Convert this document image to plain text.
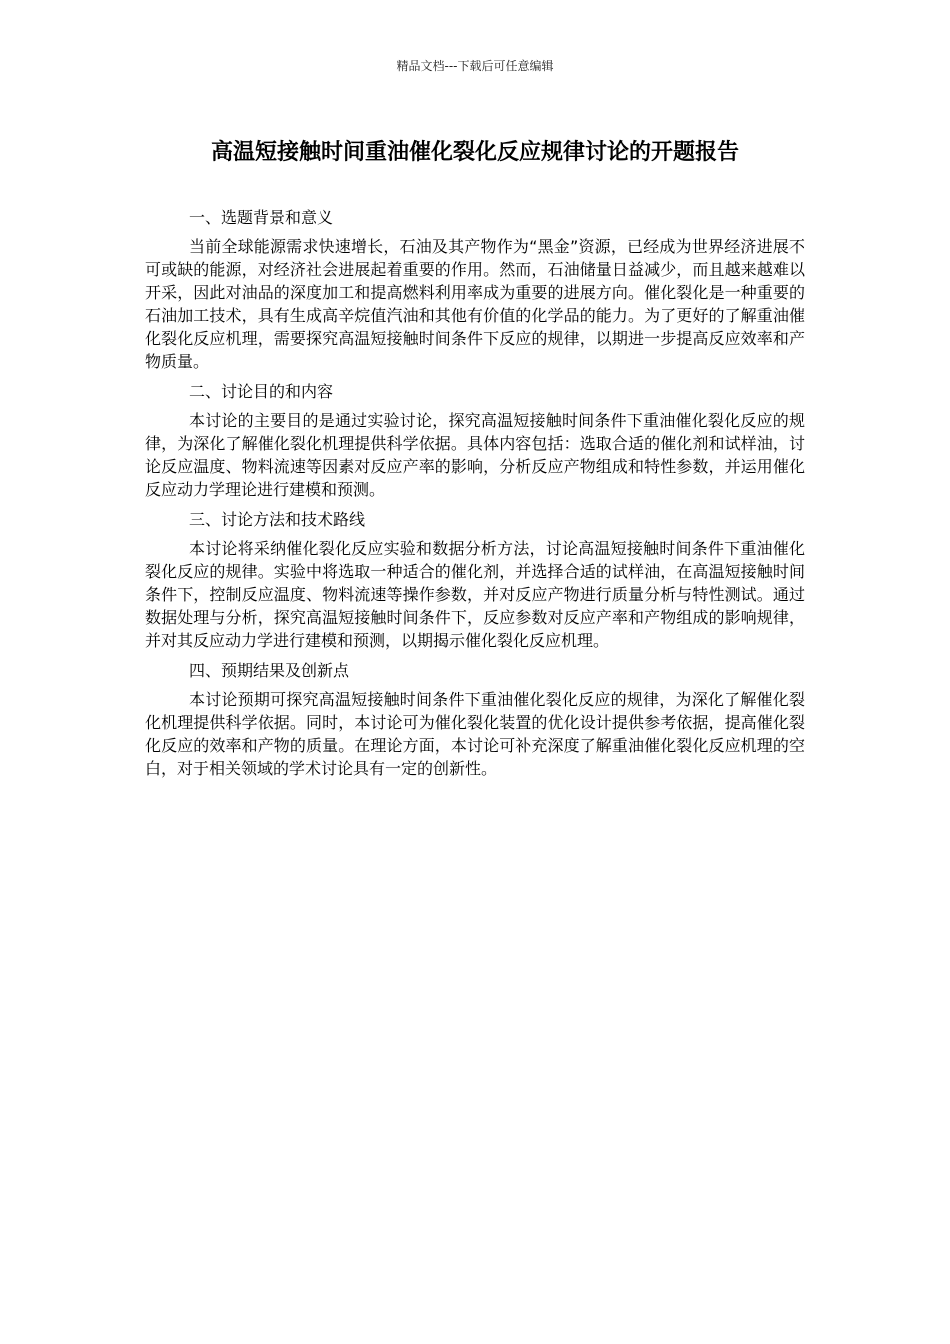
精品文档---下载后可任意编辑
高温短接触时间重油催化裂化反应规律讨论的开题报告

一、选题背景和意义

当前全球能源需求快速增长，石油及其产物作为“黑金”资源，已经成为世界经济进展不可或缺的能源，对经济社会进展起着重要的作用。然而，石油储量日益减少，而且越来越难以开采，因此对油品的深度加工和提高燃料利用率成为重要的进展方向。催化裂化是一种重要的石油加工技术，具有生成高辛烷值汽油和其他有价值的化学品的能力。为了更好的了解重油催化裂化反应机理，需要探究高温短接触时间条件下反应的规律，以期进一步提高反应效率和产物质量。

二、讨论目的和内容

本讨论的主要目的是通过实验讨论，探究高温短接触时间条件下重油催化裂化反应的规律，为深化了解催化裂化机理提供科学依据。具体内容包括：选取合适的催化剂和试样油，讨论反应温度、物料流速等因素对反应产率的影响，分析反应产物组成和特性参数，并运用催化反应动力学理论进行建模和预测。

三、讨论方法和技术路线

本讨论将采纳催化裂化反应实验和数据分析方法，讨论高温短接触时间条件下重油催化裂化反应的规律。实验中将选取一种适合的催化剂，并选择合适的试样油，在高温短接触时间条件下，控制反应温度、物料流速等操作参数，并对反应产物进行质量分析与特性测试。通过数据处理与分析，探究高温短接触时间条件下，反应参数对反应产率和产物组成的影响规律，并对其反应动力学进行建模和预测，以期揭示催化裂化反应机理。

四、预期结果及创新点

本讨论预期可探究高温短接触时间条件下重油催化裂化反应的规律，为深化了解催化裂化机理提供科学依据。同时，本讨论可为催化裂化装置的优化设计提供参考依据，提高催化裂化反应的效率和产物的质量。在理论方面，本讨论可补充深度了解重油催化裂化反应机理的空白，对于相关领域的学术讨论具有一定的创新性。
